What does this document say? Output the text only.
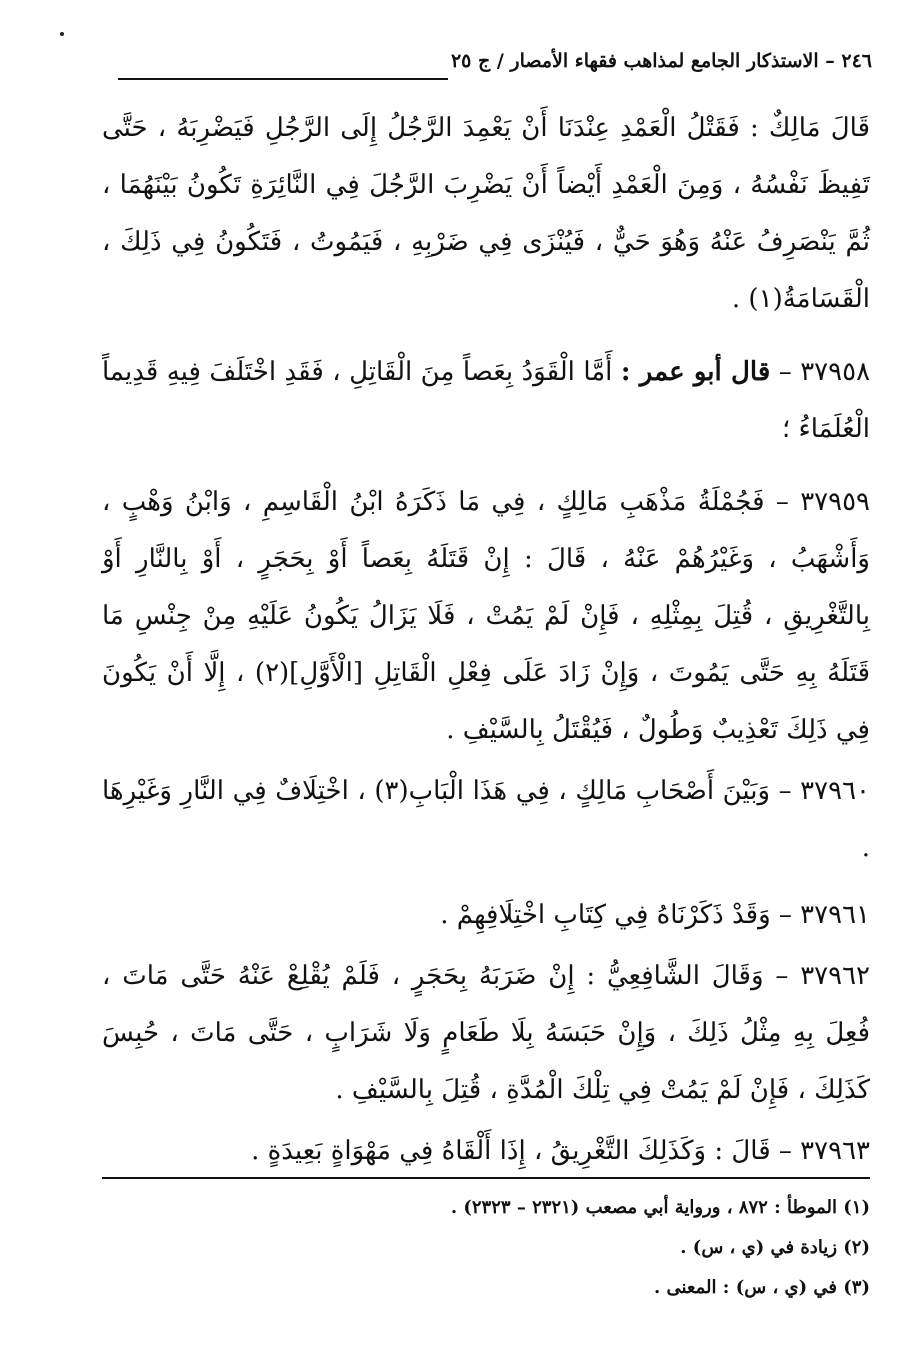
٢٤٦ – الاستذكار الجامع لمذاهب فقهاء الأمصار / ج ٢٥

قَالَ مَالِكٌ : فَقَتْلُ الْعَمْدِ عِنْدَنَا أَنْ يَعْمِدَ الرَّجُلُ إِلَى الرَّجُلِ فَيَضْرِبَهُ ، حَتَّى تَفِيظَ نَفْسُهُ ، وَمِنَ الْعَمْدِ أَيْضاً أَنْ يَضْرِبَ الرَّجُلَ فِي النَّائِرَةِ تَكُونُ بَيْنَهُمَا ، ثُمَّ يَنْصَرِفُ عَنْهُ وَهُوَ حَيٌّ ، فَيُنْزَى فِي ضَرْبِهِ ، فَيَمُوتُ ، فَتَكُونُ فِي ذَلِكَ ، الْقَسَامَةُ(١) .

٣٧٩٥٨ – قال أبو عمر : أَمَّا الْقَوَدُ بِعَصاً مِنَ الْقَاتِلِ ، فَقَدِ اخْتَلَفَ فِيهِ قَدِيماً الْعُلَمَاءُ ؛

٣٧٩٥٩ – فَجُمْلَةُ مَذْهَبِ مَالِكٍ ، فِي مَا ذَكَرَهُ ابْنُ الْقَاسِمِ ، وَابْنُ وَهْبٍ ، وَأَشْهَبُ ، وَغَيْرُهُمْ عَنْهُ ، قَالَ : إِنْ قَتَلَهُ بِعَصاً أَوْ بِحَجَرٍ ، أَوْ بِالنَّارِ أَوْ بِالتَّغْرِيقِ ، قُتِلَ بِمِثْلِهِ ، فَإِنْ لَمْ يَمُتْ ، فَلَا يَزَالُ يَكُونُ عَلَيْهِ مِنْ جِنْسِ مَا قَتَلَهُ بِهِ حَتَّى يَمُوتَ ، وَإِنْ زَادَ عَلَى فِعْلِ الْقَاتِلِ [الْأَوَّلِ](٢) ، إِلَّا أَنْ يَكُونَ فِي ذَلِكَ تَعْذِيبٌ وَطُولٌ ، فَيُقْتَلُ بِالسَّيْفِ .

٣٧٩٦٠ – وَبَيْنَ أَصْحَابِ مَالِكٍ ، فِي هَذَا الْبَابِ(٣) ، اخْتِلَافٌ فِي النَّارِ وَغَيْرِهَا .

٣٧٩٦١ – وَقَدْ ذَكَرْنَاهُ فِي كِتَابِ اخْتِلَافِهِمْ .

٣٧٩٦٢ – وَقَالَ الشَّافِعِيُّ : إِنْ ضَرَبَهُ بِحَجَرٍ ، فَلَمْ يُقْلِعْ عَنْهُ حَتَّى مَاتَ ، فُعِلَ بِهِ مِثْلُ ذَلِكَ ، وَإِنْ حَبَسَهُ بِلَا طَعَامٍ وَلَا شَرَابٍ ، حَتَّى مَاتَ ، حُبِسَ كَذَلِكَ ، فَإِنْ لَمْ يَمُتْ فِي تِلْكَ الْمُدَّةِ ، قُتِلَ بِالسَّيْفِ .

٣٧٩٦٣ – قَالَ : وَكَذَلِكَ التَّغْرِيقُ ، إِذَا أَلْقَاهُ فِي مَهْوَاةٍ بَعِيدَةٍ .

(١) الموطأ : ٨٧٢ ، ورواية أبي مصعب (٢٣٢١ – ٢٣٢٣) .

(٢) زيادة في (ي ، س) .

(٣) في (ي ، س) : المعنى .
